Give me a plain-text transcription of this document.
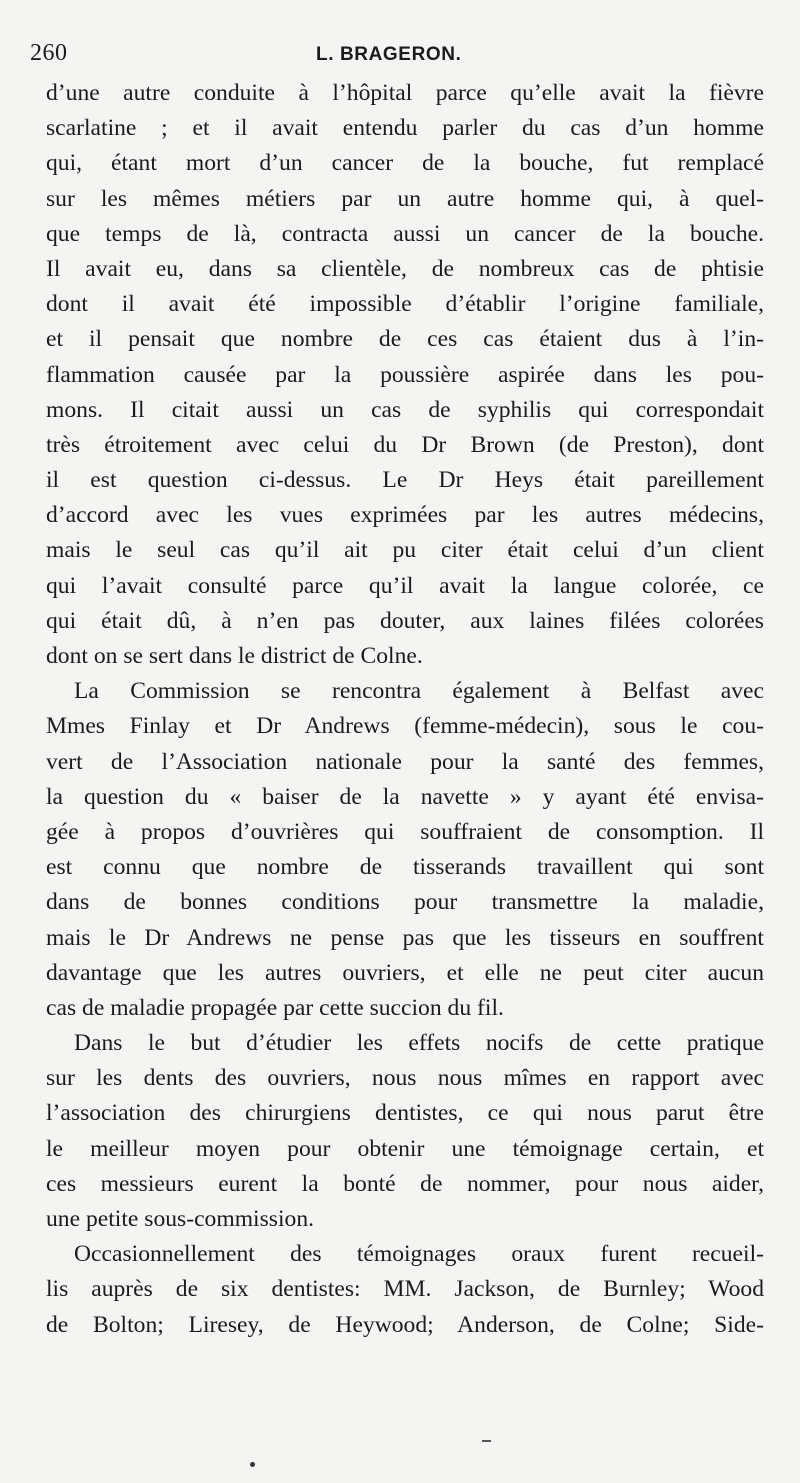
260	L. BRAGERON.
d’une autre conduite à l’hôpital parce qu’elle avait la fièvre
scarlatine ; et il avait entendu parler du cas d’un homme
qui, étant mort d’un cancer de la bouche, fut remplacé
sur les mêmes métiers par un autre homme qui, à quel-
que temps de là, contracta aussi un cancer de la bouche.
Il avait eu, dans sa clientèle, de nombreux cas de phtisie
dont il avait été impossible d’établir l’origine familiale,
et il pensait que nombre de ces cas étaient dus à l’in-
flammation causée par la poussière aspirée dans les pou-
mons. Il citait aussi un cas de syphilis qui correspondait
très étroitement avec celui du Dr Brown (de Preston), dont
il est question ci-dessus. Le Dr Heys était pareillement
d’accord avec les vues exprimées par les autres médecins,
mais le seul cas qu’il ait pu citer était celui d’un client
qui l’avait consulté parce qu’il avait la langue colorée, ce
qui était dû, à n’en pas douter, aux laines filées colorées
dont on se sert dans le district de Colne.
La Commission se rencontra également à Belfast avec
Mmes Finlay et Dr Andrews (femme-médecin), sous le cou-
vert de l’Association nationale pour la santé des femmes,
la question du « baiser de la navette » y ayant été envisa-
gée à propos d’ouvrières qui souffraient de consomption. Il
est connu que nombre de tisserands travaillent qui sont
dans de bonnes conditions pour transmettre la maladie,
mais le Dr Andrews ne pense pas que les tisseurs en souffrent
davantage que les autres ouvriers, et elle ne peut citer aucun
cas de maladie propagée par cette succion du fil.
Dans le but d’étudier les effets nocifs de cette pratique
sur les dents des ouvriers, nous nous mîmes en rapport avec
l’association des chirurgiens dentistes, ce qui nous parut être
le meilleur moyen pour obtenir une témoignage certain, et
ces messieurs eurent la bonté de nommer, pour nous aider,
une petite sous-commission.
Occasionnellement des témoignages oraux furent recueil-
lis auprès de six dentistes: MM. Jackson, de Burnley; Wood
de Bolton; Liresey, de Heywood; Anderson, de Colne; Side-
